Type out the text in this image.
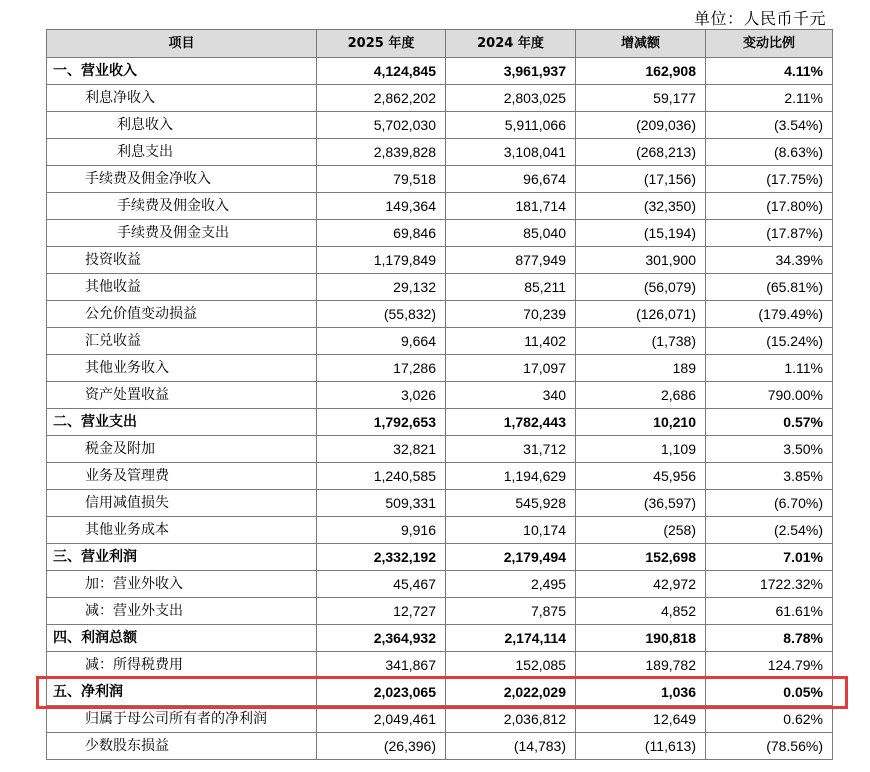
单位：人民币千元
项目	2025 年度	2024 年度	增减额	变动比例
一、营业收入	4,124,845	3,961,937	162,908	4.11%
利息净收入	2,862,202	2,803,025	59,177	2.11%
利息收入	5,702,030	5,911,066	(209,036)	(3.54%)
利息支出	2,839,828	3,108,041	(268,213)	(8.63%)
手续费及佣金净收入	79,518	96,674	(17,156)	(17.75%)
手续费及佣金收入	149,364	181,714	(32,350)	(17.80%)
手续费及佣金支出	69,846	85,040	(15,194)	(17.87%)
投资收益	1,179,849	877,949	301,900	34.39%
其他收益	29,132	85,211	(56,079)	(65.81%)
公允价值变动损益	(55,832)	70,239	(126,071)	(179.49%)
汇兑收益	9,664	11,402	(1,738)	(15.24%)
其他业务收入	17,286	17,097	189	1.11%
资产处置收益	3,026	340	2,686	790.00%
二、营业支出	1,792,653	1,782,443	10,210	0.57%
税金及附加	32,821	31,712	1,109	3.50%
业务及管理费	1,240,585	1,194,629	45,956	3.85%
信用减值损失	509,331	545,928	(36,597)	(6.70%)
其他业务成本	9,916	10,174	(258)	(2.54%)
三、营业利润	2,332,192	2,179,494	152,698	7.01%
加：营业外收入	45,467	2,495	42,972	1722.32%
减：营业外支出	12,727	7,875	4,852	61.61%
四、利润总额	2,364,932	2,174,114	190,818	8.78%
减：所得税费用	341,867	152,085	189,782	124.79%
五、净利润	2,023,065	2,022,029	1,036	0.05%
归属于母公司所有者的净利润	2,049,461	2,036,812	12,649	0.62%
少数股东损益	(26,396)	(14,783)	(11,613)	(78.56%)
